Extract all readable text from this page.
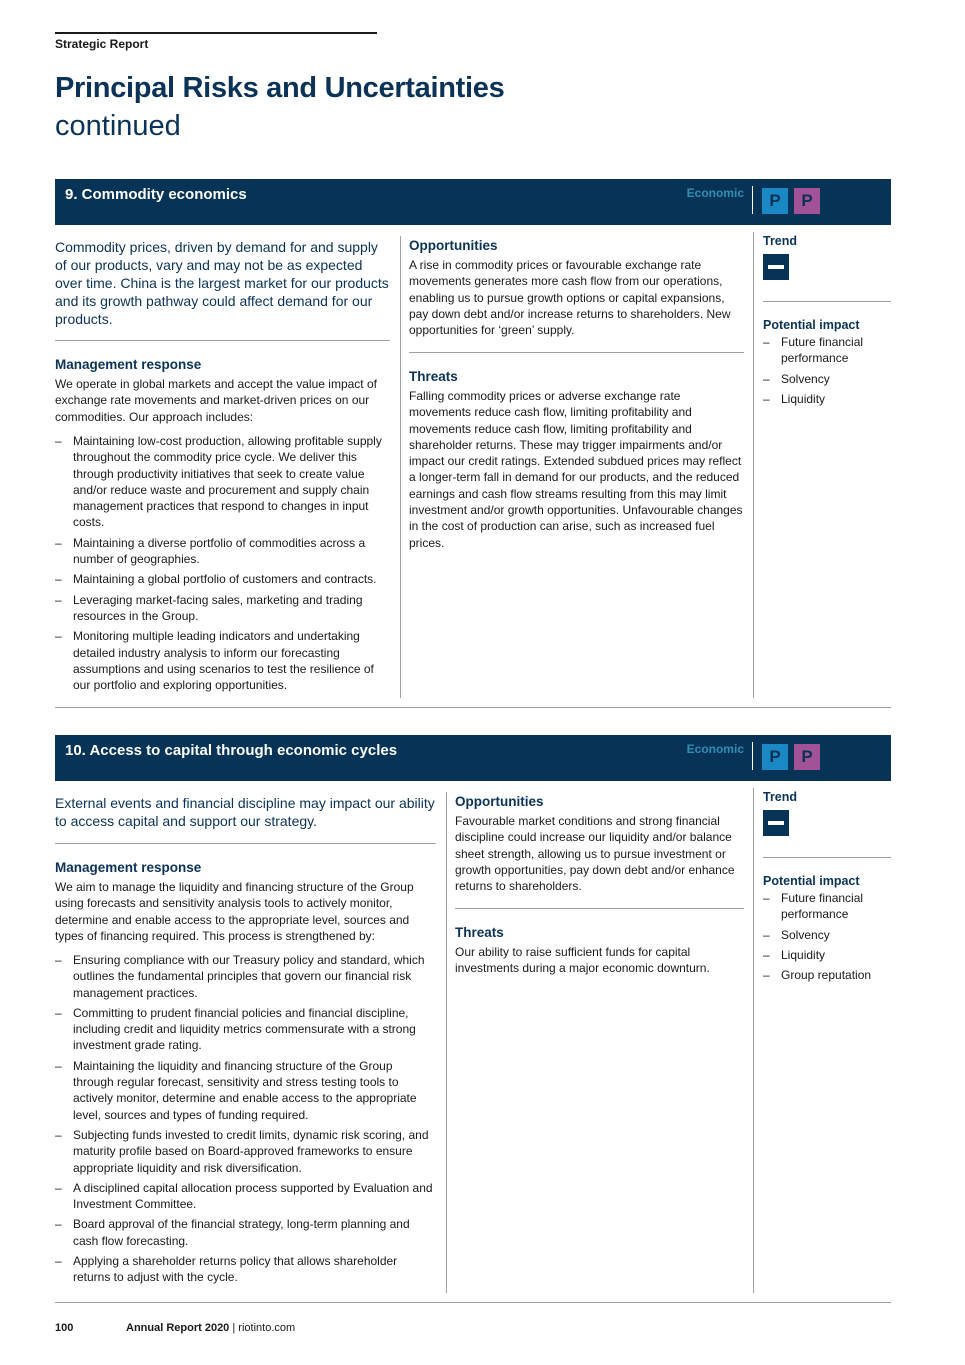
Strategic Report
Principal Risks and Uncertainties
continued
9. Commodity economics	Economic	P	P

Commodity prices, driven by demand for and supply of our products, vary and may not be as expected over time. China is the largest market for our products and its growth pathway could affect demand for our products.

Management response

We operate in global markets and accept the value impact of exchange rate movements and market-driven prices on our commodities. Our approach includes:

– Maintaining low-cost production, allowing profitable supply throughout the commodity price cycle. We deliver this through productivity initiatives that seek to create value and/or reduce waste and procurement and supply chain management practices that respond to changes in input costs.
– Maintaining a diverse portfolio of commodities across a number of geographies.
– Maintaining a global portfolio of customers and contracts.
– Leveraging market-facing sales, marketing and trading resources in the Group.
– Monitoring multiple leading indicators and undertaking detailed industry analysis to inform our forecasting assumptions and using scenarios to test the resilience of our portfolio and exploring opportunities.
Opportunities

A rise in commodity prices or favourable exchange rate movements generates more cash flow from our operations, enabling us to pursue growth options or capital expansions, pay down debt and/or increase returns to shareholders. New opportunities for ‘green’ supply.

Threats

Falling commodity prices or adverse exchange rate movements reduce cash flow, limiting profitability and movements reduce cash flow, limiting profitability and shareholder returns. These may trigger impairments and/or impact our credit ratings. Extended subdued prices may reflect a longer-term fall in demand for our products, and the reduced earnings and cash flow streams resulting from this may limit investment and/or growth opportunities. Unfavourable changes in the cost of production can arise, such as increased fuel prices.

Trend
Potential impact
– Future financial performance
– Solvency
– Liquidity
10. Access to capital through economic cycles	Economic	P	P

External events and financial discipline may impact our ability to access capital and support our strategy.

Management response

We aim to manage the liquidity and financing structure of the Group using forecasts and sensitivity analysis tools to actively monitor, determine and enable access to the appropriate level, sources and types of financing required. This process is strengthened by:

– Ensuring compliance with our Treasury policy and standard, which outlines the fundamental principles that govern our financial risk management practices.
– Committing to prudent financial policies and financial discipline, including credit and liquidity metrics commensurate with a strong investment grade rating.
– Maintaining the liquidity and financing structure of the Group through regular forecast, sensitivity and stress testing tools to actively monitor, determine and enable access to the appropriate level, sources and types of funding required.
– Subjecting funds invested to credit limits, dynamic risk scoring, and maturity profile based on Board-approved frameworks to ensure appropriate liquidity and risk diversification.
– A disciplined capital allocation process supported by Evaluation and Investment Committee.
– Board approval of the financial strategy, long-term planning and cash flow forecasting.
– Applying a shareholder returns policy that allows shareholder returns to adjust with the cycle.
Opportunities

Favourable market conditions and strong financial discipline could increase our liquidity and/or balance sheet strength, allowing us to pursue investment or growth opportunities, pay down debt and/or enhance returns to shareholders.

Threats

Our ability to raise sufficient funds for capital investments during a major economic downturn.

Trend
Potential impact
– Future financial performance
– Solvency
– Liquidity
– Group reputation
100	Annual Report 2020 | riotinto.com
